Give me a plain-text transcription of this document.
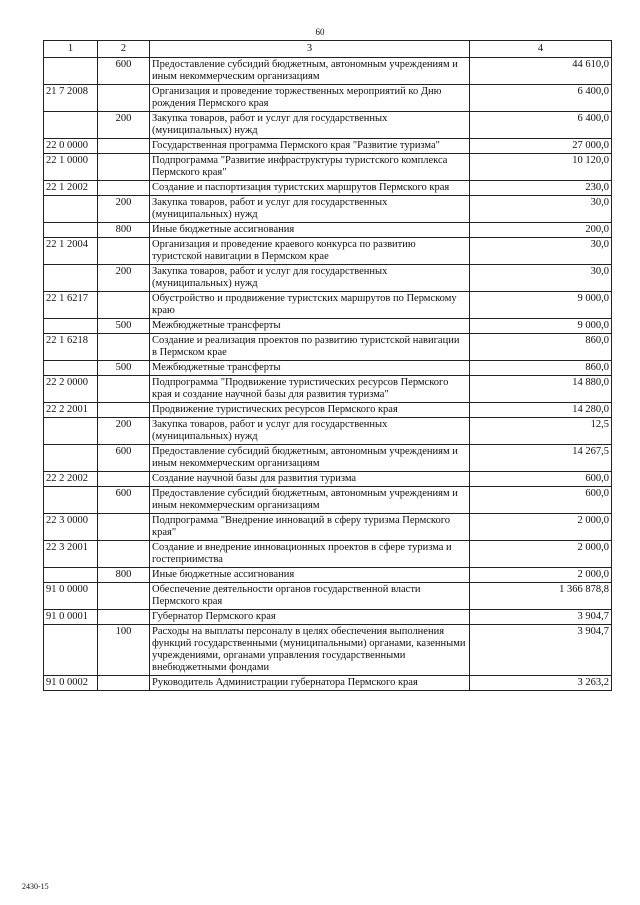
60
1	2	3	4
	600	Предоставление субсидий бюджетным, автономным учреждениям и иным некоммерческим организациям	44 610,0
21 7 2008		Организация и проведение торжественных мероприятий ко Дню рождения Пермского края	6 400,0
	200	Закупка товаров, работ и услуг для государственных (муниципальных) нужд	6 400,0
22 0 0000		Государственная программа Пермского края "Развитие туризма"	27 000,0
22 1 0000		Подпрограмма "Развитие инфраструктуры туристского комплекса Пермского края"	10 120,0
22 1 2002		Создание и паспортизация туристских маршрутов Пермского края	230,0
	200	Закупка товаров, работ и услуг для государственных (муниципальных) нужд	30,0
	800	Иные бюджетные ассигнования	200,0
22 1 2004		Организация и проведение краевого конкурса по развитию туристской навигации в Пермском крае	30,0
	200	Закупка товаров, работ и услуг для государственных (муниципальных) нужд	30,0
22 1 6217		Обустройство и продвижение туристских маршрутов по Пермскому краю	9 000,0
	500	Межбюджетные трансферты	9 000,0
22 1 6218		Создание и реализация проектов по развитию туристской навигации в Пермском крае	860,0
	500	Межбюджетные трансферты	860,0
22 2 0000		Подпрограмма "Продвижение туристических ресурсов Пермского края и создание научной базы для развития туризма"	14 880,0
22 2 2001		Продвижение туристических ресурсов Пермского края	14 280,0
	200	Закупка товаров, работ и услуг для государственных (муниципальных) нужд	12,5
	600	Предоставление субсидий бюджетным, автономным учреждениям и иным некоммерческим организациям	14 267,5
22 2 2002		Создание научной базы для развития туризма	600,0
	600	Предоставление субсидий бюджетным, автономным учреждениям и иным некоммерческим организациям	600,0
22 3 0000		Подпрограмма "Внедрение инноваций в сферу туризма Пермского края"	2 000,0
22 3 2001		Создание и внедрение инновационных проектов в сфере туризма и гостеприимства	2 000,0
	800	Иные бюджетные ассигнования	2 000,0
91 0 0000		Обеспечение деятельности органов государственной власти Пермского края	1 366 878,8
91 0 0001		Губернатор Пермского края	3 904,7
	100	Расходы на выплаты персоналу в целях обеспечения выполнения функций государственными (муниципальными) органами, казенными учреждениями, органами управления государственными внебюджетными фондами	3 904,7
91 0 0002		Руководитель Администрации губернатора Пермского края	3 263,2
2430-15
